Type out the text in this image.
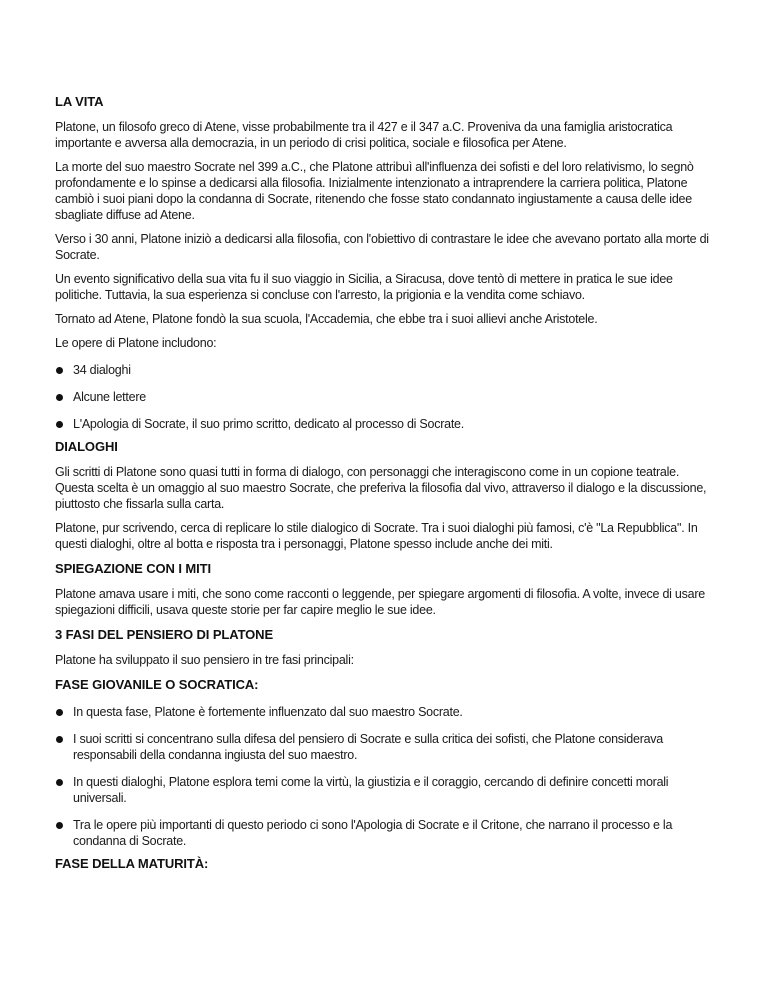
LA VITA

Platone, un filosofo greco di Atene, visse probabilmente tra il 427 e il 347 a.C. Proveniva da una famiglia aristocratica importante e avversa alla democrazia, in un periodo di crisi politica, sociale e filosofica per Atene.

La morte del suo maestro Socrate nel 399 a.C., che Platone attribuì all'influenza dei sofisti e del loro relativismo, lo segnò profondamente e lo spinse a dedicarsi alla filosofia. Inizialmente intenzionato a intraprendere la carriera politica, Platone cambiò i suoi piani dopo la condanna di Socrate, ritenendo che fosse stato condannato ingiustamente a causa delle idee sbagliate diffuse ad Atene.

Verso i 30 anni, Platone iniziò a dedicarsi alla filosofia, con l'obiettivo di contrastare le idee che avevano portato alla morte di Socrate.

Un evento significativo della sua vita fu il suo viaggio in Sicilia, a Siracusa, dove tentò di mettere in pratica le sue idee politiche. Tuttavia, la sua esperienza si concluse con l'arresto, la prigionia e la vendita come schiavo.

Tornato ad Atene, Platone fondò la sua scuola, l'Accademia, che ebbe tra i suoi allievi anche Aristotele.

Le opere di Platone includono:

34 dialoghi
Alcune lettere
L'Apologia di Socrate, il suo primo scritto, dedicato al processo di Socrate.
DIALOGHI

Gli scritti di Platone sono quasi tutti in forma di dialogo, con personaggi che interagiscono come in un copione teatrale. Questa scelta è un omaggio al suo maestro Socrate, che preferiva la filosofia dal vivo, attraverso il dialogo e la discussione, piuttosto che fissarla sulla carta.

Platone, pur scrivendo, cerca di replicare lo stile dialogico di Socrate. Tra i suoi dialoghi più famosi, c'è "La Repubblica". In questi dialoghi, oltre al botta e risposta tra i personaggi, Platone spesso include anche dei miti.

SPIEGAZIONE CON I MITI

Platone amava usare i miti, che sono come racconti o leggende, per spiegare argomenti di filosofia. A volte, invece di usare spiegazioni difficili, usava queste storie per far capire meglio le sue idee.

3 FASI DEL PENSIERO DI PLATONE

Platone ha sviluppato il suo pensiero in tre fasi principali:

FASE GIOVANILE O SOCRATICA:
In questa fase, Platone è fortemente influenzato dal suo maestro Socrate.
I suoi scritti si concentrano sulla difesa del pensiero di Socrate e sulla critica dei sofisti, che Platone considerava responsabili della condanna ingiusta del suo maestro.
In questi dialoghi, Platone esplora temi come la virtù, la giustizia e il coraggio, cercando di definire concetti morali universali.
Tra le opere più importanti di questo periodo ci sono l'Apologia di Socrate e il Critone, che narrano il processo e la condanna di Socrate.
FASE DELLA MATURITÀ:
